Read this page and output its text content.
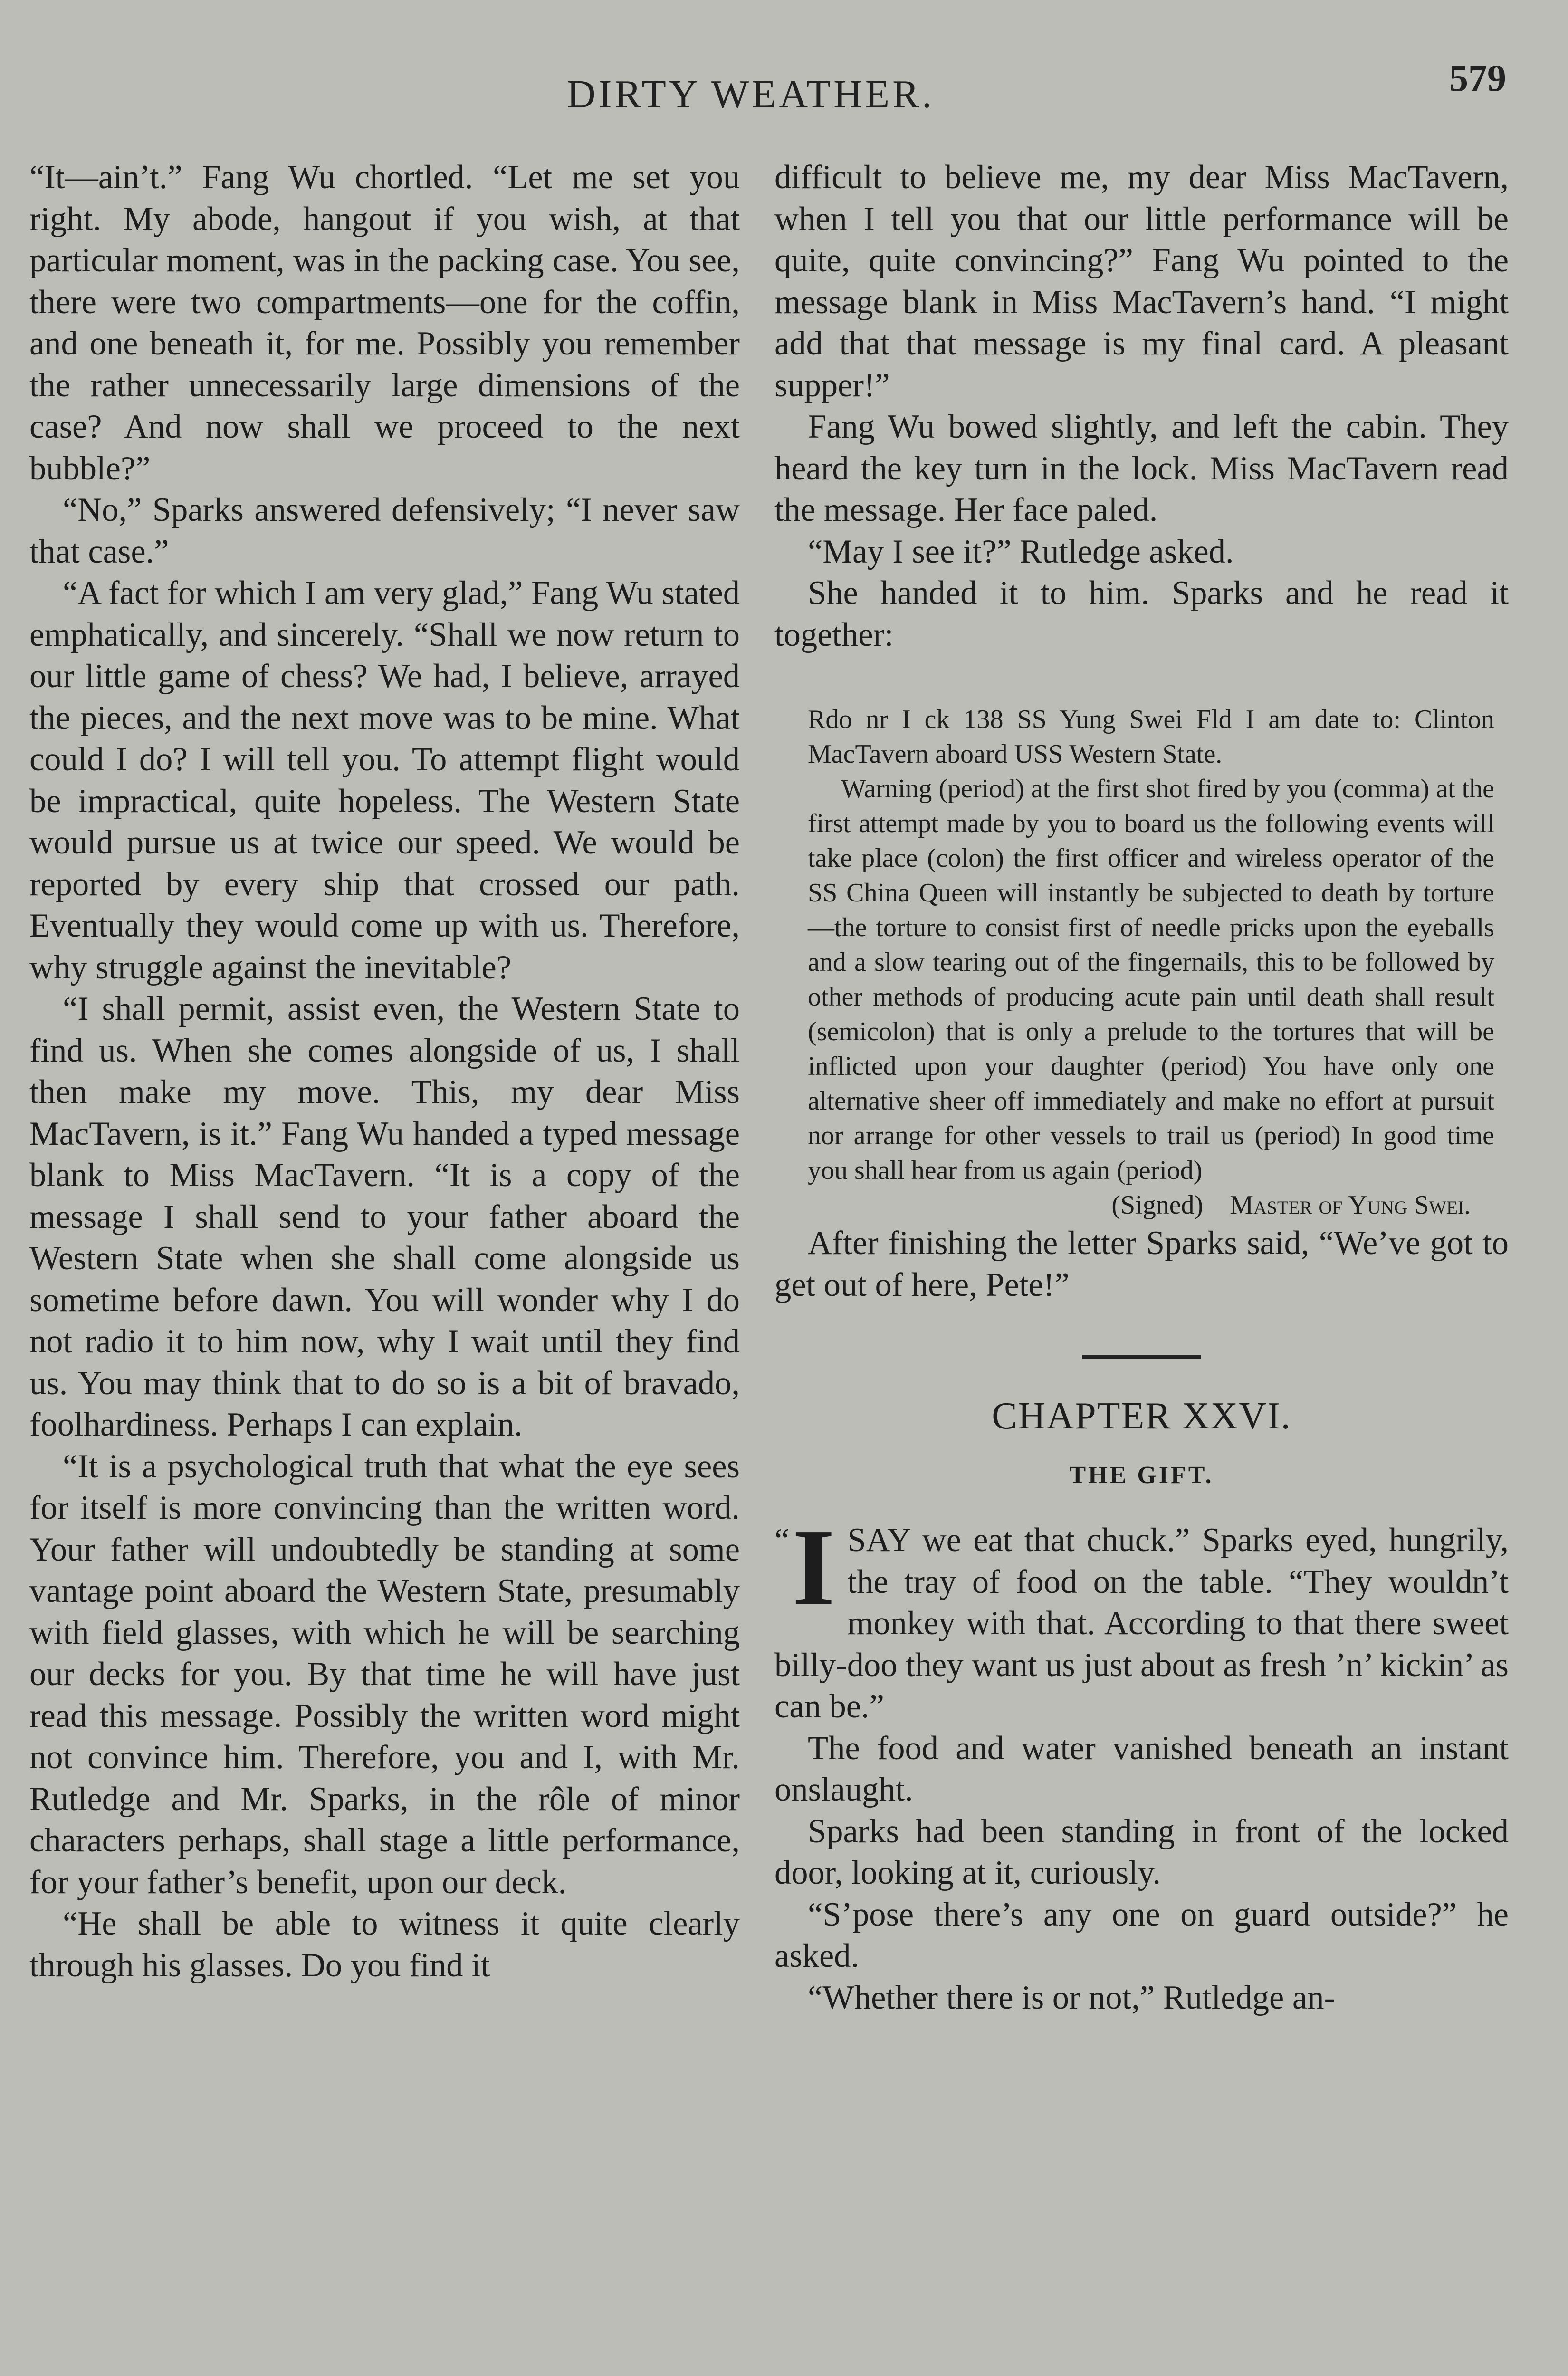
DIRTY WEATHER.	579

“It—ain’t.” Fang Wu chortled. “Let me set you right. My abode, hangout if you wish, at that particular moment, was in the packing case. You see, there were two compartments—one for the coffin, and one beneath it, for me. Possibly you remember the rather unnecessarily large dimensions of the case? And now shall we proceed to the next bubble?”

“No,” Sparks answered defensively; “I never saw that case.”

“A fact for which I am very glad,” Fang Wu stated emphatically, and sincerely. “Shall we now return to our little game of chess? We had, I believe, arrayed the pieces, and the next move was to be mine. What could I do? I will tell you. To attempt flight would be impractical, quite hopeless. The Western State would pursue us at twice our speed. We would be reported by every ship that crossed our path. Eventually they would come up with us. Therefore, why struggle against the inevitable?

“I shall permit, assist even, the Western State to find us. When she comes alongside of us, I shall then make my move. This, my dear Miss MacTavern, is it.” Fang Wu handed a typed message blank to Miss MacTavern. “It is a copy of the message I shall send to your father aboard the Western State when she shall come alongside us sometime before dawn. You will wonder why I do not radio it to him now, why I wait until they find us. You may think that to do so is a bit of bravado, foolhardiness. Perhaps I can explain.

“It is a psychological truth that what the eye sees for itself is more convincing than the written word. Your father will undoubtedly be standing at some vantage point aboard the Western State, presumably with field glasses, with which he will be searching our decks for you. By that time he will have just read this message. Possibly the written word might not convince him. Therefore, you and I, with Mr. Rutledge and Mr. Sparks, in the rôle of minor characters perhaps, shall stage a little performance, for your father’s benefit, upon our deck.

“He shall be able to witness it quite clearly through his glasses. Do you find it

difficult to believe me, my dear Miss MacTavern, when I tell you that our little performance will be quite, quite convincing?” Fang Wu pointed to the message blank in Miss MacTavern’s hand. “I might add that that message is my final card. A pleasant supper!”

Fang Wu bowed slightly, and left the cabin. They heard the key turn in the lock. Miss MacTavern read the message. Her face paled.

“May I see it?” Rutledge asked.

She handed it to him. Sparks and he read it together:

Rdo nr I ck 138 SS Yung Swei Fld I am date to: Clinton MacTavern aboard USS Western State.

Warning (period) at the first shot fired by you (comma) at the first attempt made by you to board us the following events will take place (colon) the first officer and wireless operator of the SS China Queen will instantly be subjected to death by torture—the torture to consist first of needle pricks upon the eyeballs and a slow tearing out of the fingernails, this to be followed by other methods of producing acute pain until death shall result (semicolon) that is only a prelude to the tortures that will be inflicted upon your daughter (period) You have only one alternative sheer off immediately and make no effort at pursuit nor arrange for other vessels to trail us (period) In good time you shall hear from us again (period)

(Signed) Master of Yung Swei.

After finishing the letter Sparks said, “We’ve got to get out of here, Pete!”

CHAPTER XXVI.
THE GIFT.
“ I SAY we eat that chuck.” Sparks eyed, hungrily, the tray of food on the table. “They wouldn’t monkey with that. According to that there sweet billy-doo they want us just about as fresh ’n’ kickin’ as can be.”

The food and water vanished beneath an instant onslaught.

Sparks had been standing in front of the locked door, looking at it, curiously.

“S’pose there’s any one on guard outside?” he asked.

“Whether there is or not,” Rutledge an-
